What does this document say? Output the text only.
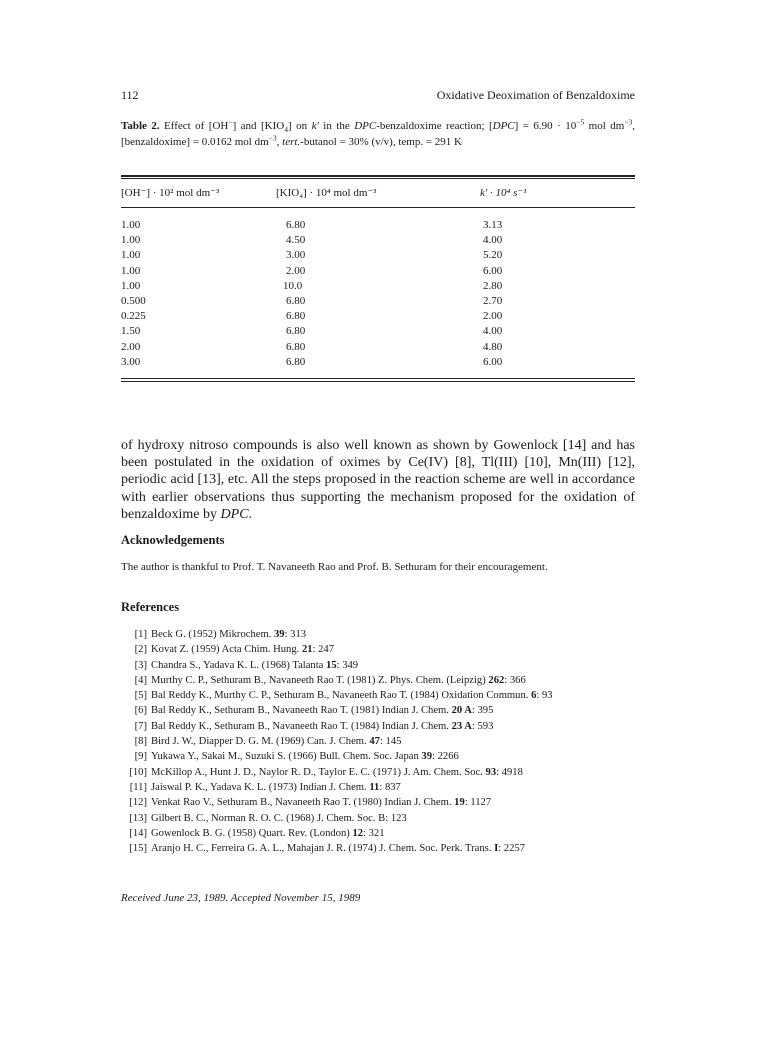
112	Oxidative Deoximation of Benzaldoxime
Table 2. Effect of [OH−] and $[KIO_4]$ on k′ in the DPC-benzaldoxime reaction; $[DPC] = 6.90 \cdot 10^{-5}$ mol $dm^{-3}$, [benzaldoxime] = 0.0162 mol $dm^{-3}$, tert.-butanol = 30% (v/v), temp. = 291 K
[OH⁻] · 10² mol dm⁻³	[KIO₄] · 10⁴ mol dm⁻³	k′ · 10⁴ s⁻¹
1.00	6.80	3.13
1.00	4.50	4.00
1.00	3.00	5.20
1.00	2.00	6.00
1.00	10.0	2.80
0.500	6.80	2.70
0.225	6.80	2.00
1.50	6.80	4.00
2.00	6.80	4.80
3.00	6.80	6.00

of hydroxy nitroso compounds is also well known as shown by Gowenlock [14] and has been postulated in the oxidation of oximes by Ce(IV) [8], Tl(III) [10], Mn(III) [12], periodic acid [13], etc. All the steps proposed in the reaction scheme are well in accordance with earlier observations thus supporting the mechanism proposed for the oxidation of benzaldoxime by DPC.

Acknowledgements
The author is thankful to Prof. T. Navaneeth Rao and Prof. B. Sethuram for their encouragement.
References
[1] Beck G. (1952) Mikrochem. 39: 313
[2] Kovat Z. (1959) Acta Chim. Hung. 21: 247
[3] Chandra S., Yadava K. L. (1968) Talanta 15: 349
[4] Murthy C. P., Sethuram B., Navaneeth Rao T. (1981) Z. Phys. Chem. (Leipzig) 262: 366
[5] Bal Reddy K., Murthy C. P., Sethuram B., Navaneeth Rao T. (1984) Oxidation Commun. 6: 93
[6] Bal Reddy K., Sethuram B., Navaneeth Rao T. (1981) Indian J. Chem. 20 A: 395
[7] Bal Reddy K., Sethuram B., Navaneeth Rao T. (1984) Indian J. Chem. 23 A: 593
[8] Bird J. W., Diapper D. G. M. (1969) Can. J. Chem. 47: 145
[9] Yukawa Y., Sakai M., Suzuki S. (1966) Bull. Chem. Soc. Japan 39: 2266
[10] McKillop A., Hunt J. D., Naylor R. D., Taylor E. C. (1971) J. Am. Chem. Soc. 93: 4918
[11] Jaiswal P. K., Yadava K. L. (1973) Indian J. Chem. 11: 837
[12] Venkat Rao V., Sethuram B., Navaneeth Rao T. (1980) Indian J. Chem. 19: 1127
[13] Gilbert B. C., Norman R. O. C. (1968) J. Chem. Soc. B: 123
[14] Gowenlock B. G. (1958) Quart. Rev. (London) 12: 321
[15] Aranjo H. C., Ferreira G. A. L., Mahajan J. R. (1974) J. Chem. Soc. Perk. Trans. I: 2257
Received June 23, 1989. Accepted November 15, 1989
